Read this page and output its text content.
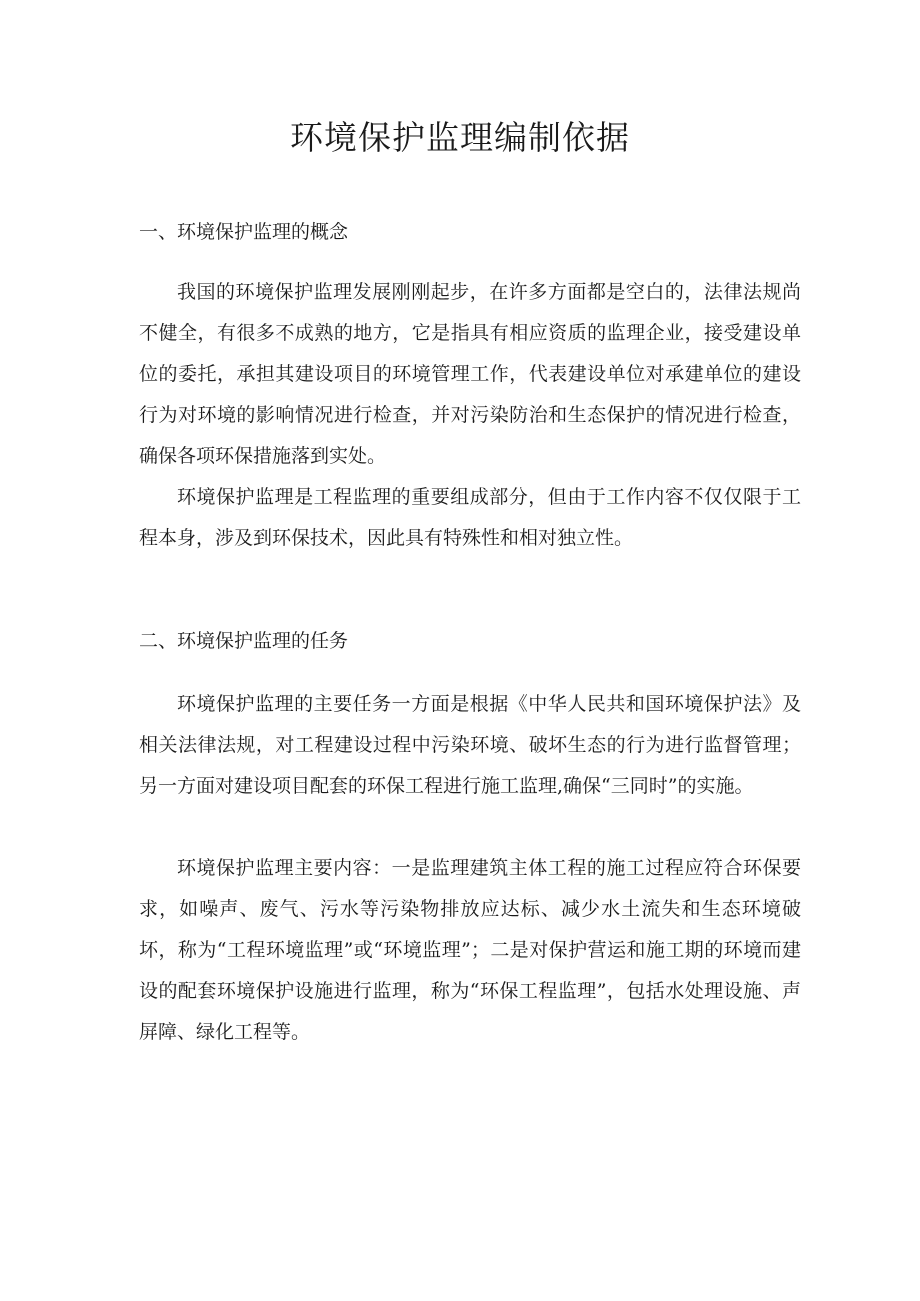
环境保护监理编制依据
一、环境保护监理的概念

我国的环境保护监理发展刚刚起步，在许多方面都是空白的，法律法规尚不健全，有很多不成熟的地方，它是指具有相应资质的监理企业，接受建设单位的委托，承担其建设项目的环境管理工作，代表建设单位对承建单位的建设行为对环境的影响情况进行检查，并对污染防治和生态保护的情况进行检查，确保各项环保措施落到实处。

环境保护监理是工程监理的重要组成部分，但由于工作内容不仅仅限于工程本身，涉及到环保技术，因此具有特殊性和相对独立性。

二、环境保护监理的任务

环境保护监理的主要任务一方面是根据《中华人民共和国环境保护法》及相关法律法规，对工程建设过程中污染环境、破坏生态的行为进行监督管理；另一方面对建设项目配套的环保工程进行施工监理,确保“三同时”的实施。

环境保护监理主要内容：一是监理建筑主体工程的施工过程应符合环保要求，如噪声、废气、污水等污染物排放应达标、减少水土流失和生态环境破坏，称为“工程环境监理”或“环境监理”；二是对保护营运和施工期的环境而建设的配套环境保护设施进行监理，称为“环保工程监理”，包括水处理设施、声屏障、绿化工程等。
